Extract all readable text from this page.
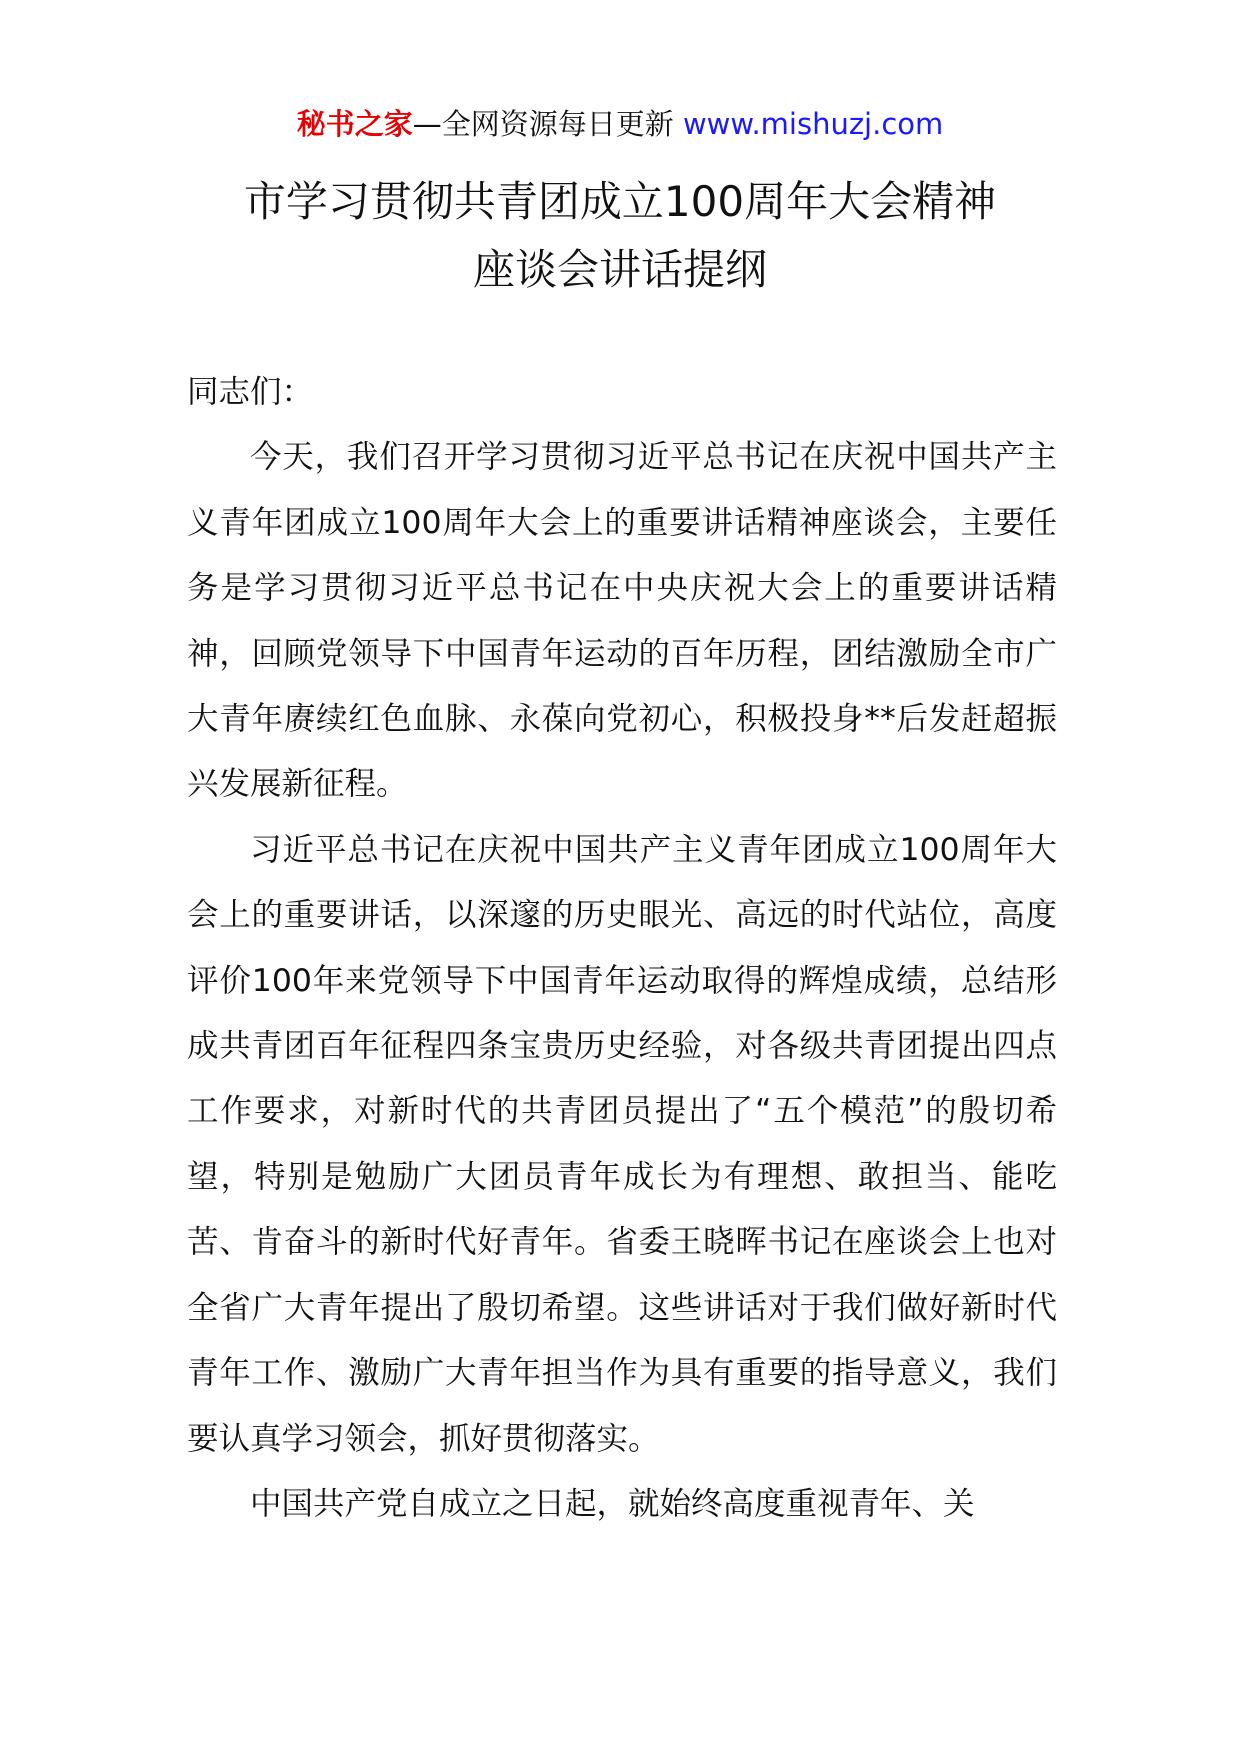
秘书之家—全网资源每日更新 www.mishuzj.com
市学习贯彻共青团成立100周年大会精神
座谈会讲话提纲

同志们：

今天，我们召开学习贯彻习近平总书记在庆祝中国共产主义青年团成立100周年大会上的重要讲话精神座谈会，主要任务是学习贯彻习近平总书记在中央庆祝大会上的重要讲话精神，回顾党领导下中国青年运动的百年历程，团结激励全市广大青年赓续红色血脉、永葆向党初心，积极投身**后发赶超振兴发展新征程。

习近平总书记在庆祝中国共产主义青年团成立100周年大会上的重要讲话，以深邃的历史眼光、高远的时代站位，高度评价100年来党领导下中国青年运动取得的辉煌成绩，总结形成共青团百年征程四条宝贵历史经验，对各级共青团提出四点工作要求，对新时代的共青团员提出了“五个模范”的殷切希望，特别是勉励广大团员青年成长为有理想、敢担当、能吃苦、肯奋斗的新时代好青年。省委王晓晖书记在座谈会上也对全省广大青年提出了殷切希望。这些讲话对于我们做好新时代青年工作、激励广大青年担当作为具有重要的指导意义，我们要认真学习领会，抓好贯彻落实。

中国共产党自成立之日起，就始终高度重视青年、关
